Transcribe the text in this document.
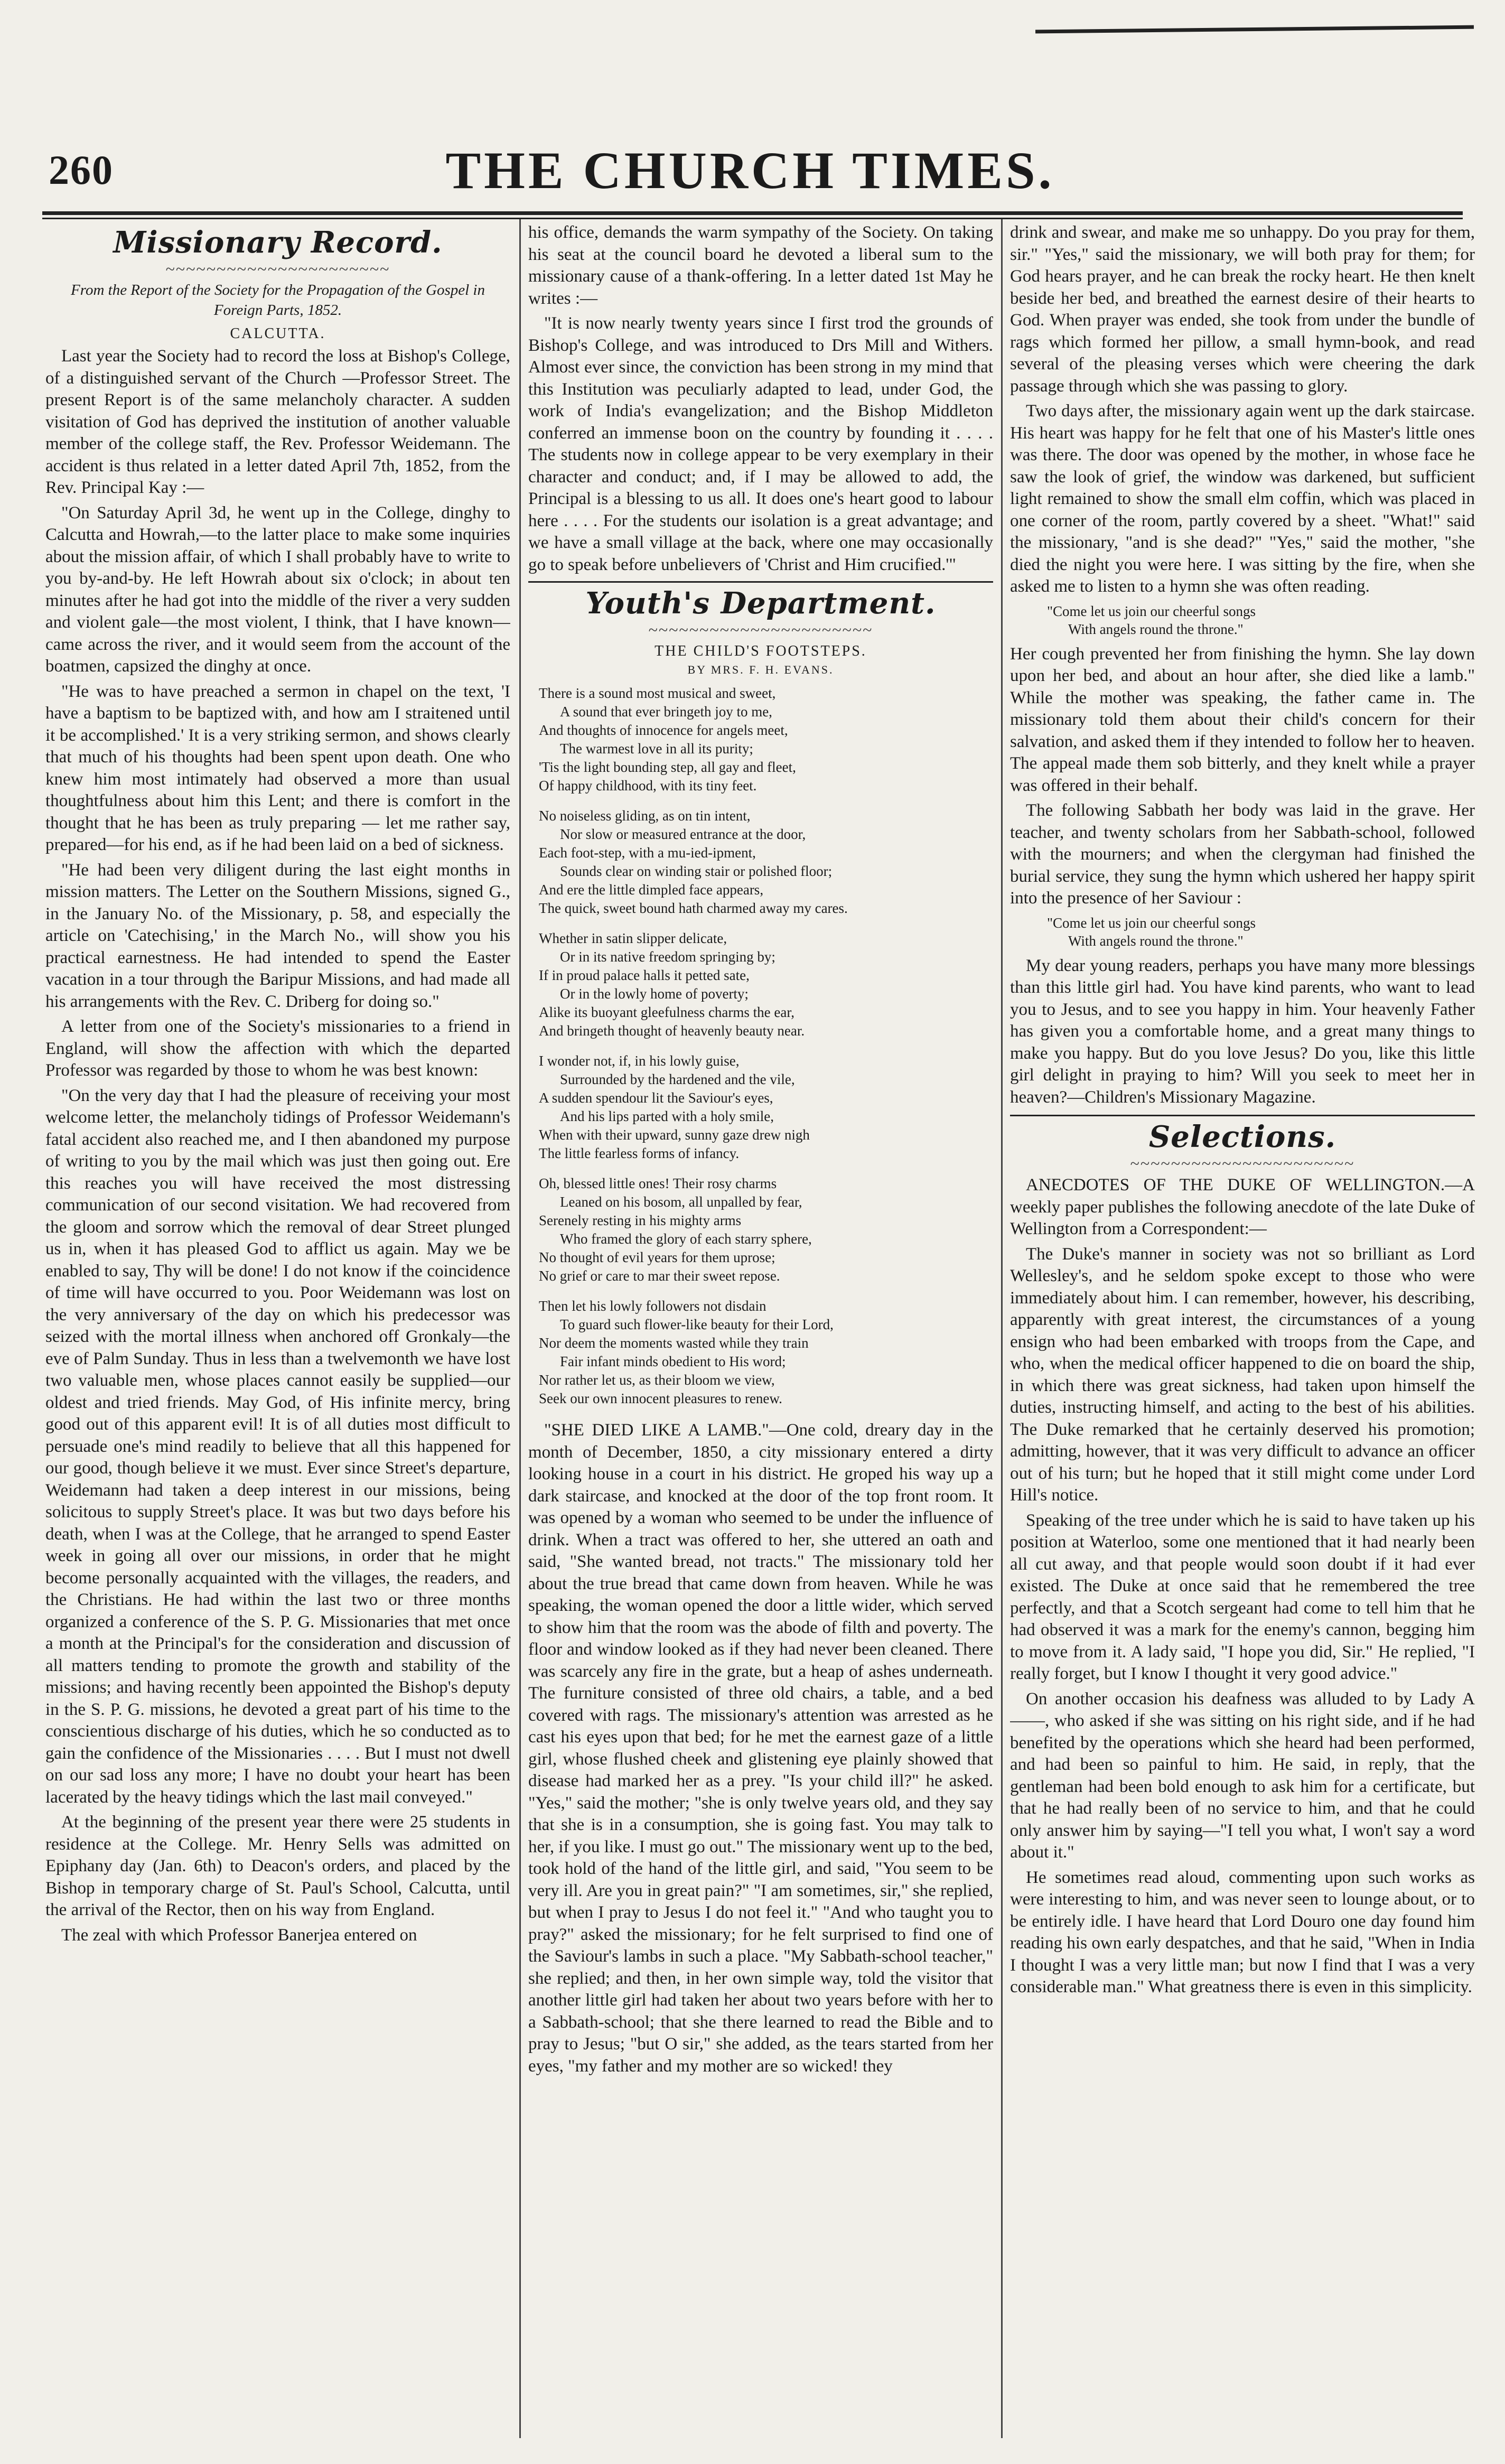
260	THE CHURCH TIMES.
Missionary Record.
~~~~~~~~~~~~~~~~~~~~~~
From the Report of the Society for the Propagation of the Gospel in Foreign Parts, 1852.
CALCUTTA.

Last year the Society had to record the loss at Bishop's College, of a distinguished servant of the Church —Professor Street. The present Report is of the same melancholy character. A sudden visitation of God has deprived the institution of another valuable member of the college staff, the Rev. Professor Weidemann. The accident is thus related in a letter dated April 7th, 1852, from the Rev. Principal Kay :—

"On Saturday April 3d, he went up in the College, dinghy to Calcutta and Howrah,—to the latter place to make some inquiries about the mission affair, of which I shall probably have to write to you by-and-by. He left Howrah about six o'clock; in about ten minutes after he had got into the middle of the river a very sudden and violent gale—the most violent, I think, that I have known—came across the river, and it would seem from the account of the boatmen, capsized the dinghy at once.

"He was to have preached a sermon in chapel on the text, 'I have a baptism to be baptized with, and how am I straitened until it be accomplished.' It is a very striking sermon, and shows clearly that much of his thoughts had been spent upon death. One who knew him most intimately had observed a more than usual thoughtfulness about him this Lent; and there is comfort in the thought that he has been as truly preparing — let me rather say, prepared—for his end, as if he had been laid on a bed of sickness.

"He had been very diligent during the last eight months in mission matters. The Letter on the Southern Missions, signed G., in the January No. of the Missionary, p. 58, and especially the article on 'Catechising,' in the March No., will show you his practical earnestness. He had intended to spend the Easter vacation in a tour through the Baripur Missions, and had made all his arrangements with the Rev. C. Driberg for doing so."

A letter from one of the Society's missionaries to a friend in England, will show the affection with which the departed Professor was regarded by those to whom he was best known:

"On the very day that I had the pleasure of receiving your most welcome letter, the melancholy tidings of Professor Weidemann's fatal accident also reached me, and I then abandoned my purpose of writing to you by the mail which was just then going out. Ere this reaches you will have received the most distressing communication of our second visitation. We had recovered from the gloom and sorrow which the removal of dear Street plunged us in, when it has pleased God to afflict us again. May we be enabled to say, Thy will be done! I do not know if the coincidence of time will have occurred to you. Poor Weidemann was lost on the very anniversary of the day on which his predecessor was seized with the mortal illness when anchored off Gronkaly—the eve of Palm Sunday. Thus in less than a twelvemonth we have lost two valuable men, whose places cannot easily be supplied—our oldest and tried friends. May God, of His infinite mercy, bring good out of this apparent evil! It is of all duties most difficult to persuade one's mind readily to believe that all this happened for our good, though believe it we must. Ever since Street's departure, Weidemann had taken a deep interest in our missions, being solicitous to supply Street's place. It was but two days before his death, when I was at the College, that he arranged to spend Easter week in going all over our missions, in order that he might become personally acquainted with the villages, the readers, and the Christians. He had within the last two or three months organized a conference of the S. P. G. Missionaries that met once a month at the Principal's for the consideration and discussion of all matters tending to promote the growth and stability of the missions; and having recently been appointed the Bishop's deputy in the S. P. G. missions, he devoted a great part of his time to the conscientious discharge of his duties, which he so conducted as to gain the confidence of the Missionaries . . . . But I must not dwell on our sad loss any more; I have no doubt your heart has been lacerated by the heavy tidings which the last mail conveyed."

At the beginning of the present year there were 25 students in residence at the College. Mr. Henry Sells was admitted on Epiphany day (Jan. 6th) to Deacon's orders, and placed by the Bishop in temporary charge of St. Paul's School, Calcutta, until the arrival of the Rector, then on his way from England.

The zeal with which Professor Banerjea entered on

his office, demands the warm sympathy of the Society. On taking his seat at the council board he devoted a liberal sum to the missionary cause of a thank-offering. In a letter dated 1st May he writes :—

"It is now nearly twenty years since I first trod the grounds of Bishop's College, and was introduced to Drs Mill and Withers. Almost ever since, the conviction has been strong in my mind that this Institution was peculiarly adapted to lead, under God, the work of India's evangelization; and the Bishop Middleton conferred an immense boon on the country by founding it . . . . The students now in college appear to be very exemplary in their character and conduct; and, if I may be allowed to add, the Principal is a blessing to us all. It does one's heart good to labour here . . . . For the students our isolation is a great advantage; and we have a small village at the back, where one may occasionally go to speak before unbelievers of 'Christ and Him crucified.'"

Youth's Department.
~~~~~~~~~~~~~~~~~~~~~~
THE CHILD'S FOOTSTEPS.
BY MRS. F. H. EVANS.
There is a sound most musical and sweet,
A sound that ever bringeth joy to me,
And thoughts of innocence for angels meet,
The warmest love in all its purity;
'Tis the light bounding step, all gay and fleet,
Of happy childhood, with its tiny feet.
No noiseless gliding, as on tin intent,
Nor slow or measured entrance at the door,
Each foot-step, with a mu-ied-ipment,
Sounds clear on winding stair or polished floor;
And ere the little dimpled face appears,
The quick, sweet bound hath charmed away my cares.
Whether in satin slipper delicate,
Or in its native freedom springing by;
If in proud palace halls it petted sate,
Or in the lowly home of poverty;
Alike its buoyant gleefulness charms the ear,
And bringeth thought of heavenly beauty near.
I wonder not, if, in his lowly guise,
Surrounded by the hardened and the vile,
A sudden spendour lit the Saviour's eyes,
And his lips parted with a holy smile,
When with their upward, sunny gaze drew nigh
The little fearless forms of infancy.
Oh, blessed little ones! Their rosy charms
Leaned on his bosom, all unpalled by fear,
Serenely resting in his mighty arms
Who framed the glory of each starry sphere,
No thought of evil years for them uprose;
No grief or care to mar their sweet repose.
Then let his lowly followers not disdain
To guard such flower-like beauty for their Lord,
Nor deem the moments wasted while they train
Fair infant minds obedient to His word;
Nor rather let us, as their bloom we view,
Seek our own innocent pleasures to renew.

"SHE DIED LIKE A LAMB."—One cold, dreary day in the month of December, 1850, a city missionary entered a dirty looking house in a court in his district. He groped his way up a dark staircase, and knocked at the door of the top front room. It was opened by a woman who seemed to be under the influence of drink. When a tract was offered to her, she uttered an oath and said, "She wanted bread, not tracts." The missionary told her about the true bread that came down from heaven. While he was speaking, the woman opened the door a little wider, which served to show him that the room was the abode of filth and poverty. The floor and window looked as if they had never been cleaned. There was scarcely any fire in the grate, but a heap of ashes underneath. The furniture consisted of three old chairs, a table, and a bed covered with rags. The missionary's attention was arrested as he cast his eyes upon that bed; for he met the earnest gaze of a little girl, whose flushed cheek and glistening eye plainly showed that disease had marked her as a prey. "Is your child ill?" he asked. "Yes," said the mother; "she is only twelve years old, and they say that she is in a consumption, she is going fast. You may talk to her, if you like. I must go out." The missionary went up to the bed, took hold of the hand of the little girl, and said, "You seem to be very ill. Are you in great pain?" "I am sometimes, sir," she replied, but when I pray to Jesus I do not feel it." "And who taught you to pray?" asked the missionary; for he felt surprised to find one of the Saviour's lambs in such a place. "My Sabbath-school teacher," she replied; and then, in her own simple way, told the visitor that another little girl had taken her about two years before with her to a Sabbath-school; that she there learned to read the Bible and to pray to Jesus; "but O sir," she added, as the tears started from her eyes, "my father and my mother are so wicked! they

drink and swear, and make me so unhappy. Do you pray for them, sir." "Yes," said the missionary, we will both pray for them; for God hears prayer, and he can break the rocky heart. He then knelt beside her bed, and breathed the earnest desire of their hearts to God. When prayer was ended, she took from under the bundle of rags which formed her pillow, a small hymn-book, and read several of the pleasing verses which were cheering the dark passage through which she was passing to glory.

Two days after, the missionary again went up the dark staircase. His heart was happy for he felt that one of his Master's little ones was there. The door was opened by the mother, in whose face he saw the look of grief, the window was darkened, but sufficient light remained to show the small elm coffin, which was placed in one corner of the room, partly covered by a sheet. "What!" said the missionary, "and is she dead?" "Yes," said the mother, "she died the night you were here. I was sitting by the fire, when she asked me to listen to a hymn she was often reading.

"Come let us join our cheerful songs
With angels round the throne."

Her cough prevented her from finishing the hymn. She lay down upon her bed, and about an hour after, she died like a lamb." While the mother was speaking, the father came in. The missionary told them about their child's concern for their salvation, and asked them if they intended to follow her to heaven. The appeal made them sob bitterly, and they knelt while a prayer was offered in their behalf.

The following Sabbath her body was laid in the grave. Her teacher, and twenty scholars from her Sabbath-school, followed with the mourners; and when the clergyman had finished the burial service, they sung the hymn which ushered her happy spirit into the presence of her Saviour :

"Come let us join our cheerful songs
With angels round the throne."

My dear young readers, perhaps you have many more blessings than this little girl had. You have kind parents, who want to lead you to Jesus, and to see you happy in him. Your heavenly Father has given you a comfortable home, and a great many things to make you happy. But do you love Jesus? Do you, like this little girl delight in praying to him? Will you seek to meet her in heaven?—Children's Missionary Magazine.

Selections.
~~~~~~~~~~~~~~~~~~~~~~

ANECDOTES OF THE DUKE OF WELLINGTON.—A weekly paper publishes the following anecdote of the late Duke of Wellington from a Correspondent:—

The Duke's manner in society was not so brilliant as Lord Wellesley's, and he seldom spoke except to those who were immediately about him. I can remember, however, his describing, apparently with great interest, the circumstances of a young ensign who had been embarked with troops from the Cape, and who, when the medical officer happened to die on board the ship, in which there was great sickness, had taken upon himself the duties, instructing himself, and acting to the best of his abilities. The Duke remarked that he certainly deserved his promotion; admitting, however, that it was very difficult to advance an officer out of his turn; but he hoped that it still might come under Lord Hill's notice.

Speaking of the tree under which he is said to have taken up his position at Waterloo, some one mentioned that it had nearly been all cut away, and that people would soon doubt if it had ever existed. The Duke at once said that he remembered the tree perfectly, and that a Scotch sergeant had come to tell him that he had observed it was a mark for the enemy's cannon, begging him to move from it. A lady said, "I hope you did, Sir." He replied, "I really forget, but I know I thought it very good advice."

On another occasion his deafness was alluded to by Lady A——, who asked if she was sitting on his right side, and if he had benefited by the operations which she heard had been performed, and had been so painful to him. He said, in reply, that the gentleman had been bold enough to ask him for a certificate, but that he had really been of no service to him, and that he could only answer him by saying—"I tell you what, I won't say a word about it."

He sometimes read aloud, commenting upon such works as were interesting to him, and was never seen to lounge about, or to be entirely idle. I have heard that Lord Douro one day found him reading his own early despatches, and that he said, "When in India I thought I was a very little man; but now I find that I was a very considerable man." What greatness there is even in this simplicity.
